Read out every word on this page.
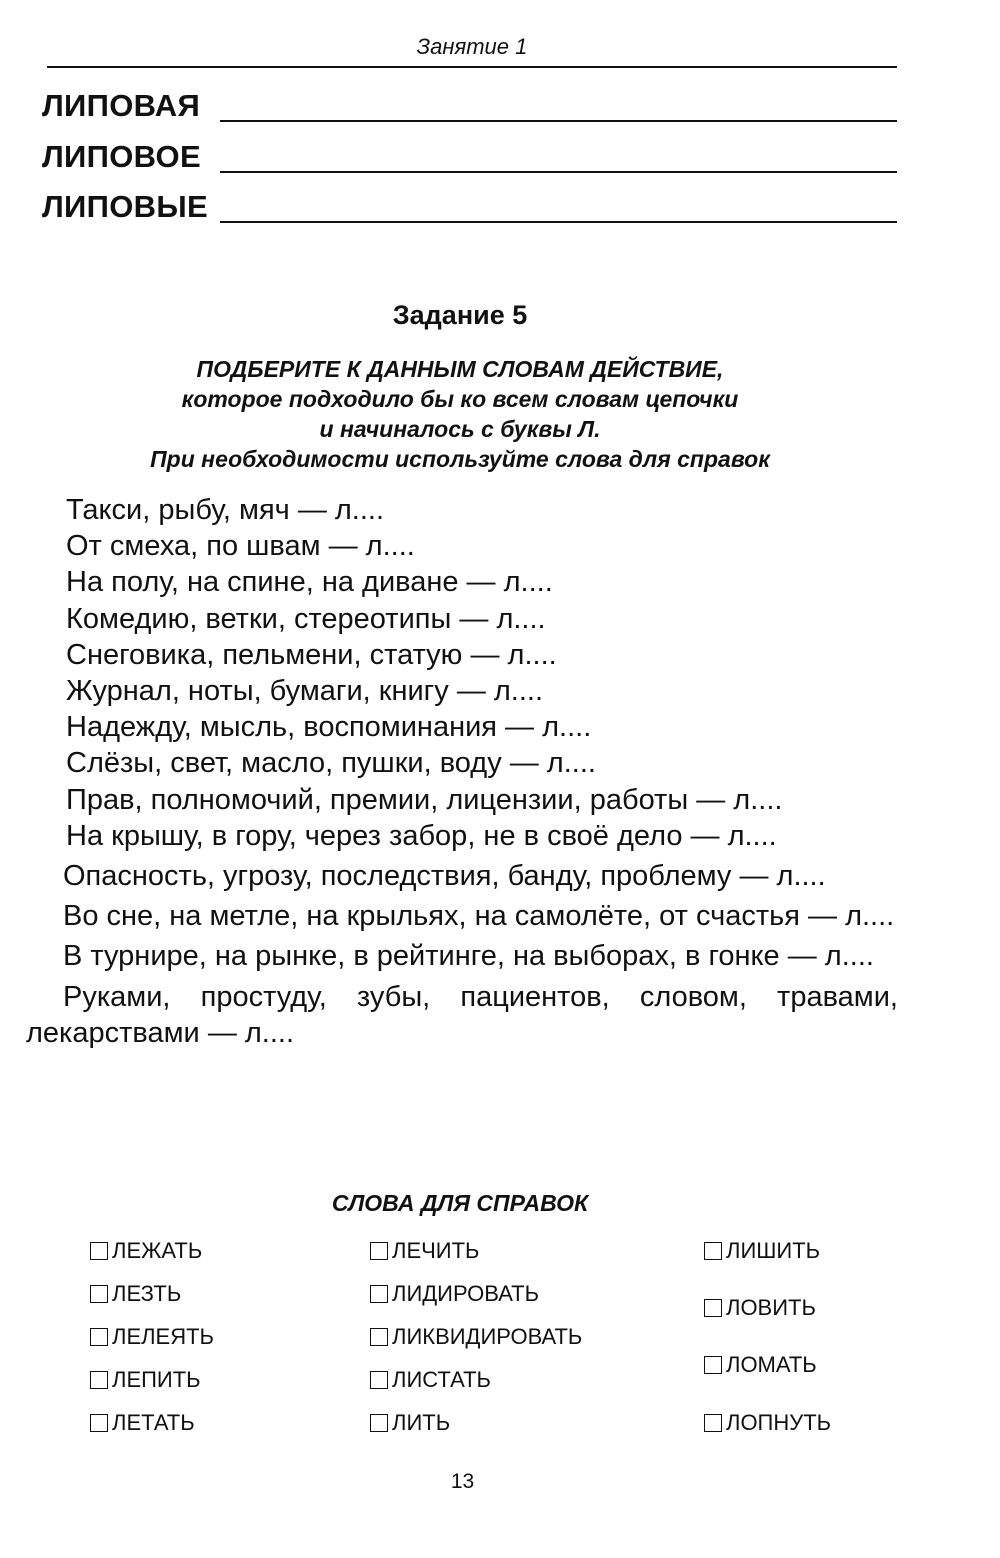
Занятие 1
ЛИПОВАЯ
ЛИПОВОЕ
ЛИПОВЫЕ
Задание 5
ПОДБЕРИТЕ К ДАННЫМ СЛОВАМ ДЕЙСТВИЕ,
которое подходило бы ко всем словам цепочки
и начиналось с буквы Л.
При необходимости используйте слова для справок
Такси, рыбу, мяч — л....
От смеха, по швам — л....
На полу, на спине, на диване — л....
Комедию, ветки, стереотипы — л....
Снеговика, пельмени, статую — л....
Журнал, ноты, бумаги, книгу — л....
Надежду, мысль, воспоминания — л....
Слёзы, свет, масло, пушки, воду — л....
Прав, полномочий, премии, лицензии, работы — л....
На крышу, в гору, через забор, не в своё дело — л....
Опасность, угрозу, последствия, банду, проблему — л....
Во сне, на метле, на крыльях, на самолёте, от счастья — л....
В турнире, на рынке, в рейтинге, на выборах, в гонке — л....
Руками, простуду, зубы, пациентов, словом, травами, лекарствами — л....
СЛОВА ДЛЯ СПРАВОК
ЛЕЖАТЬ
ЛЕЗТЬ
ЛЕЛЕЯТЬ
ЛЕПИТЬ
ЛЕТАТЬ
ЛЕЧИТЬ
ЛИДИРОВАТЬ
ЛИКВИДИРОВАТЬ
ЛИСТАТЬ
ЛИТЬ
ЛИШИТЬ
ЛОВИТЬ
ЛОМАТЬ
ЛОПНУТЬ
13
